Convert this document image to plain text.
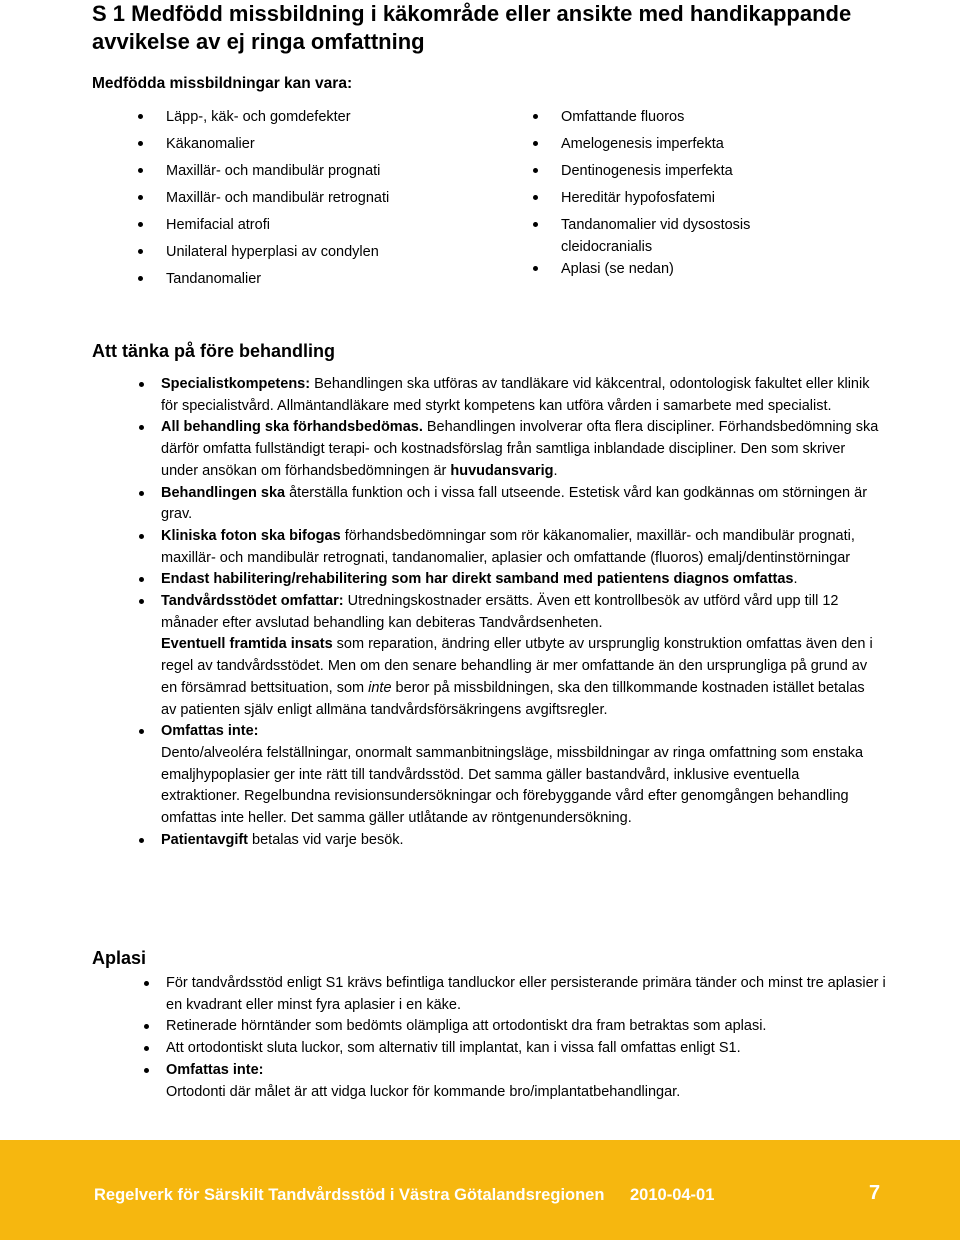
S 1 Medfödd missbildning i käkområde eller ansikte med handikappande avvikelse av ej ringa omfattning
Medfödda missbildningar kan vara:
Läpp-, käk- och gomdefekter
Käkanomalier
Maxillär- och mandibulär prognati
Maxillär- och mandibulär retrognati
Hemifacial atrofi
Unilateral hyperplasi av condylen
Tandanomalier
Omfattande fluoros
Amelogenesis imperfekta
Dentinogenesis imperfekta
Hereditär hypofosfatemi
Tandanomalier vid dysostosis cleidocranialis
Aplasi (se nedan)
Att tänka på före behandling
Specialistkompetens: Behandlingen ska utföras av tandläkare vid käkcentral, odontologisk fakultet eller klinik för specialistvård. Allmäntandläkare med styrkt kompetens kan utföra vården i samarbete med specialist.
All behandling ska förhandsbedömas. Behandlingen involverar ofta flera discipliner. Förhandsbedömning ska därför omfatta fullständigt terapi- och kostnadsförslag från samtliga inblandade discipliner. Den som skriver under ansökan om förhandsbedömningen är huvudansvarig.
Behandlingen ska återställa funktion och i vissa fall utseende. Estetisk vård kan godkännas om störningen är grav.
Kliniska foton ska bifogas förhandsbedömningar som rör käkanomalier, maxillär- och mandibulär prognati, maxillär- och mandibulär retrognati, tandanomalier, aplasier och omfattande (fluoros) emalj/dentinstörningar
Endast habilitering/rehabilitering som har direkt samband med patientens diagnos omfattas.
Tandvårdsstödet omfattar: Utredningskostnader ersätts. Även ett kontrollbesök av utförd vård upp till 12 månader efter avslutad behandling kan debiteras Tandvårdsenheten.
Eventuell framtida insats som reparation, ändring eller utbyte av ursprunglig konstruktion omfattas även den i regel av tandvårdsstödet. Men om den senare behandling är mer omfattande än den ursprungliga på grund av en försämrad bettsituation, som inte beror på missbildningen, ska den tillkommande kostnaden istället betalas av patienten själv enligt allmäna tandvårdsförsäkringens avgiftsregler.
Omfattas inte:
Dento/alveoléra felställningar, onormalt sammanbitningsläge, missbildningar av ringa omfattning som enstaka emaljhypoplasier ger inte rätt till tandvårdsstöd. Det samma gäller bastandvård, inklusive eventuella extraktioner. Regelbundna revisionsundersökningar och förebyggande vård efter genomgången behandling omfattas inte heller. Det samma gäller utlåtande av röntgenundersökning.
Patientavgift betalas vid varje besök.
Aplasi
För tandvårdsstöd enligt S1 krävs befintliga tandluckor eller persisterande primära tänder och minst tre aplasier i en kvadrant eller minst fyra aplasier i en käke.
Retinerade hörntänder som bedömts olämpliga att ortodontiskt dra fram betraktas som aplasi.
Att ortodontiskt sluta luckor, som alternativ till implantat, kan i vissa fall omfattas enligt S1.
Omfattas inte:
Ortodonti där målet är att vidga luckor för kommande bro/implantatbehandlingar.
Regelverk för Särskilt Tandvårdsstöd i Västra Götalandsregionen 2010-04-01	7
